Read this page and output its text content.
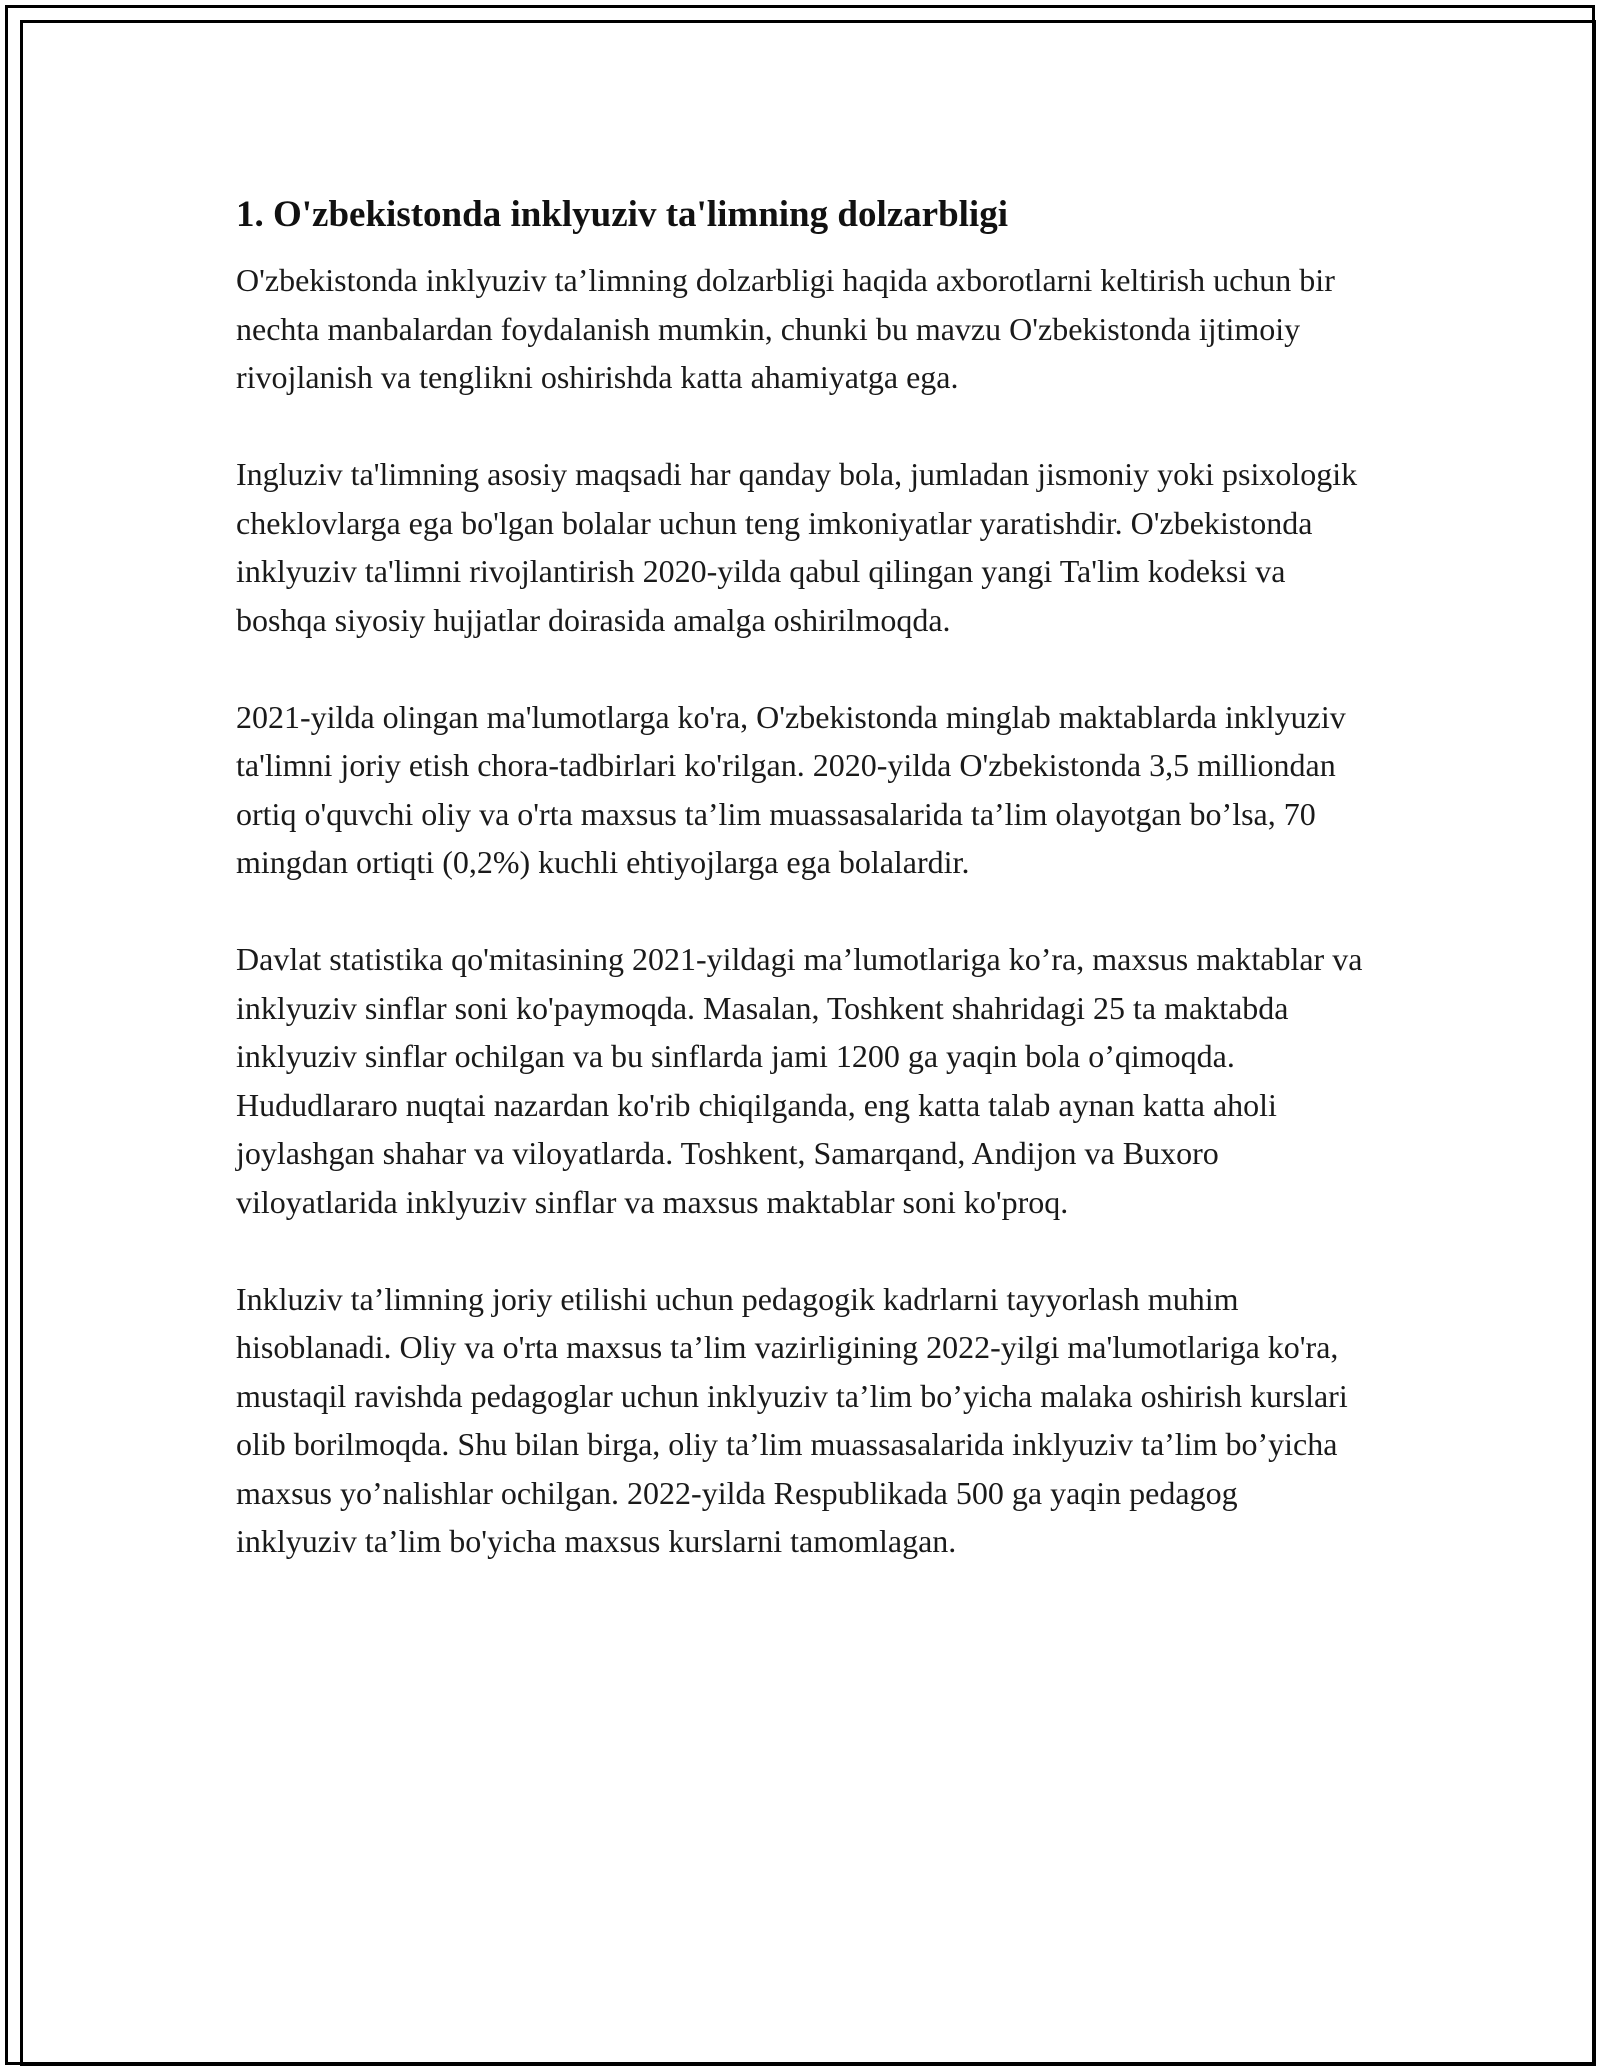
1. O'zbekistonda inklyuziv ta'limning dolzarbligi

O'zbekistonda inklyuziv ta’limning dolzarbligi haqida axborotlarni keltirish uchun bir nechta manbalardan foydalanish mumkin, chunki bu mavzu O'zbekistonda ijtimoiy rivojlanish va tenglikni oshirishda katta ahamiyatga ega.

Ingluziv ta'limning asosiy maqsadi har qanday bola, jumladan jismoniy yoki psixologik cheklovlarga ega bo'lgan bolalar uchun teng imkoniyatlar yaratishdir. O'zbekistonda inklyuziv ta'limni rivojlantirish 2020-yilda qabul qilingan yangi Ta'lim kodeksi va boshqa siyosiy hujjatlar doirasida amalga oshirilmoqda.

2021-yilda olingan ma'lumotlarga ko'ra, O'zbekistonda minglab maktablarda inklyuziv ta'limni joriy etish chora-tadbirlari ko'rilgan. 2020-yilda O'zbekistonda 3,5 milliondan ortiq o'quvchi oliy va o'rta maxsus ta’lim muassasalarida ta’lim olayotgan bo’lsa, 70 mingdan ortiqti (0,2%) kuchli ehtiyojlarga ega bolalardir.

Davlat statistika qo'mitasining 2021-yildagi ma’lumotlariga ko’ra, maxsus maktablar va inklyuziv sinflar soni ko'paymoqda. Masalan, Toshkent shahridagi 25 ta maktabda inklyuziv sinflar ochilgan va bu sinflarda jami 1200 ga yaqin bola o’qimoqda. Hududlararo nuqtai nazardan ko'rib chiqilganda, eng katta talab aynan katta aholi joylashgan shahar va viloyatlarda. Toshkent, Samarqand, Andijon va Buxoro viloyatlarida inklyuziv sinflar va maxsus maktablar soni ko'proq.

Inkluziv ta’limning joriy etilishi uchun pedagogik kadrlarni tayyorlash muhim hisoblanadi. Oliy va o'rta maxsus ta’lim vazirligining 2022-yilgi ma'lumotlariga ko'ra, mustaqil ravishda pedagoglar uchun inklyuziv ta’lim bo’yicha malaka oshirish kurslari olib borilmoqda. Shu bilan birga, oliy ta’lim muassasalarida inklyuziv ta’lim bo’yicha maxsus yo’nalishlar ochilgan. 2022-yilda Respublikada 500 ga yaqin pedagog inklyuziv ta’lim bo'yicha maxsus kurslarni tamomlagan.
